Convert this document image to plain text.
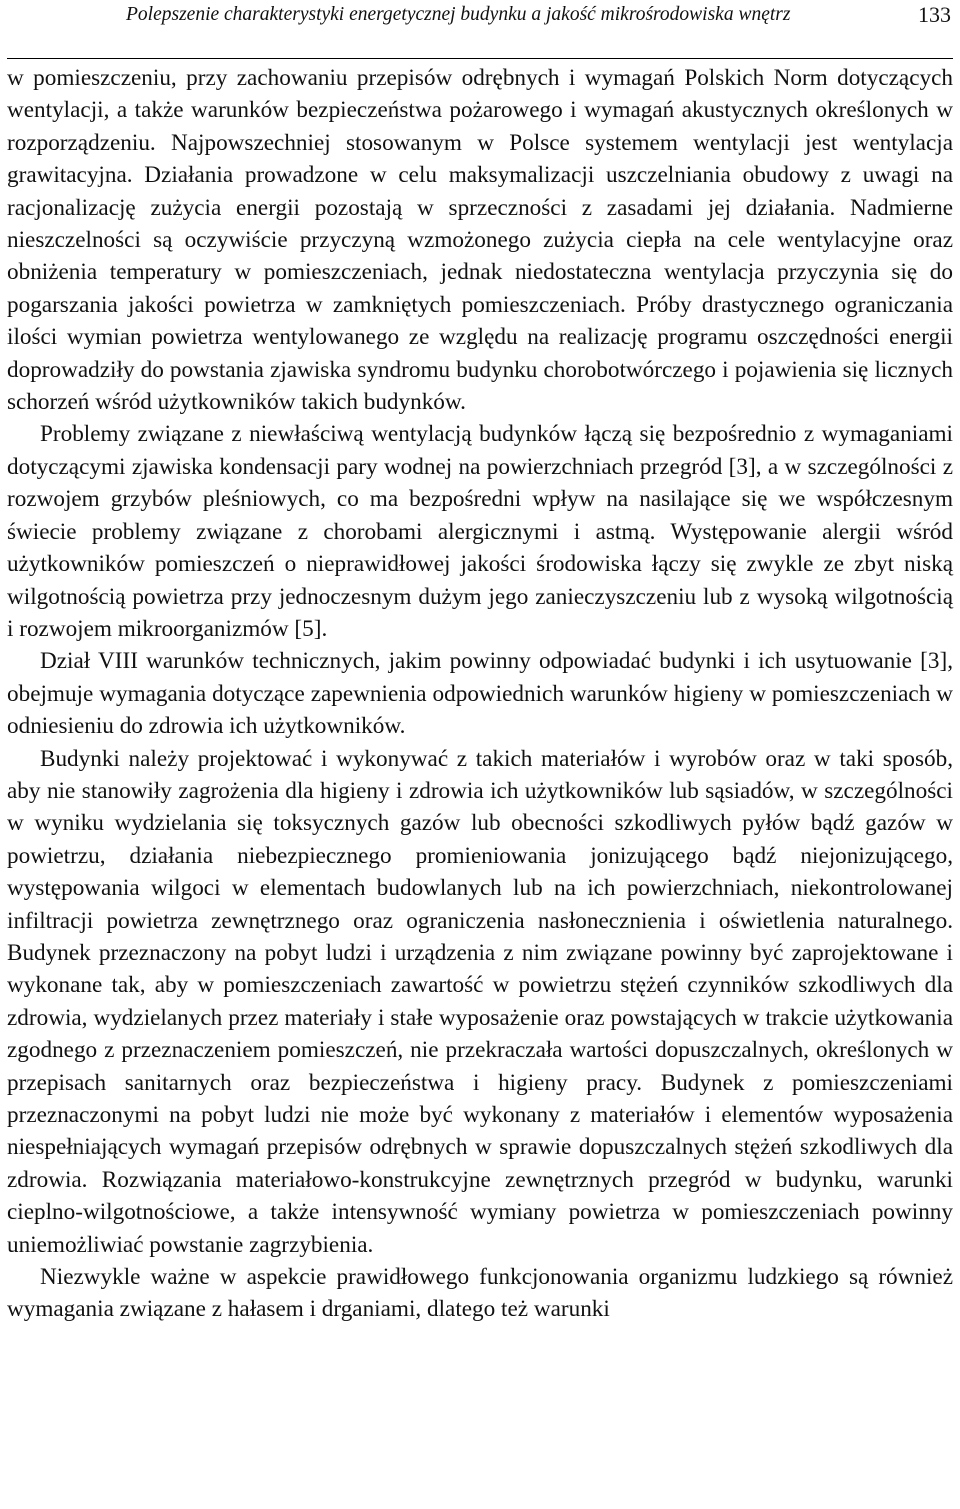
Polepszenie charakterystyki energetycznej budynku a jakość mikrośrodowiska wnętrz	133

w pomieszczeniu, przy zachowaniu przepisów odrębnych i wymagań Polskich Norm dotyczących wentylacji, a także warunków bezpieczeństwa pożarowego i wymagań akustycznych określonych w rozporządzeniu. Najpowszechniej stosowanym w Polsce systemem wentylacji jest wentylacja grawitacyjna. Działania prowadzone w celu maksymalizacji uszczelniania obudowy z uwagi na racjonalizację zużycia energii pozostają w sprzeczności z zasadami jej działania. Nadmierne nieszczelności są oczywiście przyczyną wzmożonego zużycia ciepła na cele wentylacyjne oraz obniżenia temperatury w pomieszczeniach, jednak niedostateczna wentylacja przyczynia się do pogarszania jakości powietrza w zamkniętych pomieszczeniach. Próby drastycznego ograniczania ilości wymian powietrza wentylowanego ze względu na realizację programu oszczędności energii doprowadziły do powstania zjawiska syndromu budynku chorobotwórczego i pojawienia się licznych schorzeń wśród użytkowników takich budynków.

Problemy związane z niewłaściwą wentylacją budynków łączą się bezpośrednio z wymaganiami dotyczącymi zjawiska kondensacji pary wodnej na powierzchniach przegród [3], a w szczególności z rozwojem grzybów pleśniowych, co ma bezpośredni wpływ na nasilające się we współczesnym świecie problemy związane z chorobami alergicznymi i astmą. Występowanie alergii wśród użytkowników pomieszczeń o nieprawidłowej jakości środowiska łączy się zwykle ze zbyt niską wilgotnością powietrza przy jednoczesnym dużym jego zanieczyszczeniu lub z wysoką wilgotnością i rozwojem mikroorganizmów [5].

Dział VIII warunków technicznych, jakim powinny odpowiadać budynki i ich usytuowanie [3], obejmuje wymagania dotyczące zapewnienia odpowiednich warunków higieny w pomieszczeniach w odniesieniu do zdrowia ich użytkowników.

Budynki należy projektować i wykonywać z takich materiałów i wyrobów oraz w taki sposób, aby nie stanowiły zagrożenia dla higieny i zdrowia ich użytkowników lub sąsiadów, w szczególności w wyniku wydzielania się toksycznych gazów lub obecności szkodliwych pyłów bądź gazów w powietrzu, działania niebezpiecznego promieniowania jonizującego bądź niejonizującego, występowania wilgoci w elementach budowlanych lub na ich powierzchniach, niekontrolowanej infiltracji powietrza zewnętrznego oraz ograniczenia nasłonecznienia i oświetlenia naturalnego. Budynek przeznaczony na pobyt ludzi i urządzenia z nim związane powinny być zaprojektowane i wykonane tak, aby w pomieszczeniach zawartość w powietrzu stężeń czynników szkodliwych dla zdrowia, wydzielanych przez materiały i stałe wyposażenie oraz powstających w trakcie użytkowania zgodnego z przeznaczeniem pomieszczeń, nie przekraczała wartości dopuszczalnych, określonych w przepisach sanitarnych oraz bezpieczeństwa i higieny pracy. Budynek z pomieszczeniami przeznaczonymi na pobyt ludzi nie może być wykonany z materiałów i elementów wyposażenia niespełniających wymagań przepisów odrębnych w sprawie dopuszczalnych stężeń szkodliwych dla zdrowia. Rozwiązania materiałowo-konstrukcyjne zewnętrznych przegród w budynku, warunki cieplno-wilgotnościowe, a także intensywność wymiany powietrza w pomieszczeniach powinny uniemożliwiać powstanie zagrzybienia.

Niezwykle ważne w aspekcie prawidłowego funkcjonowania organizmu ludzkiego są również wymagania związane z hałasem i drganiami, dlatego też warunki
